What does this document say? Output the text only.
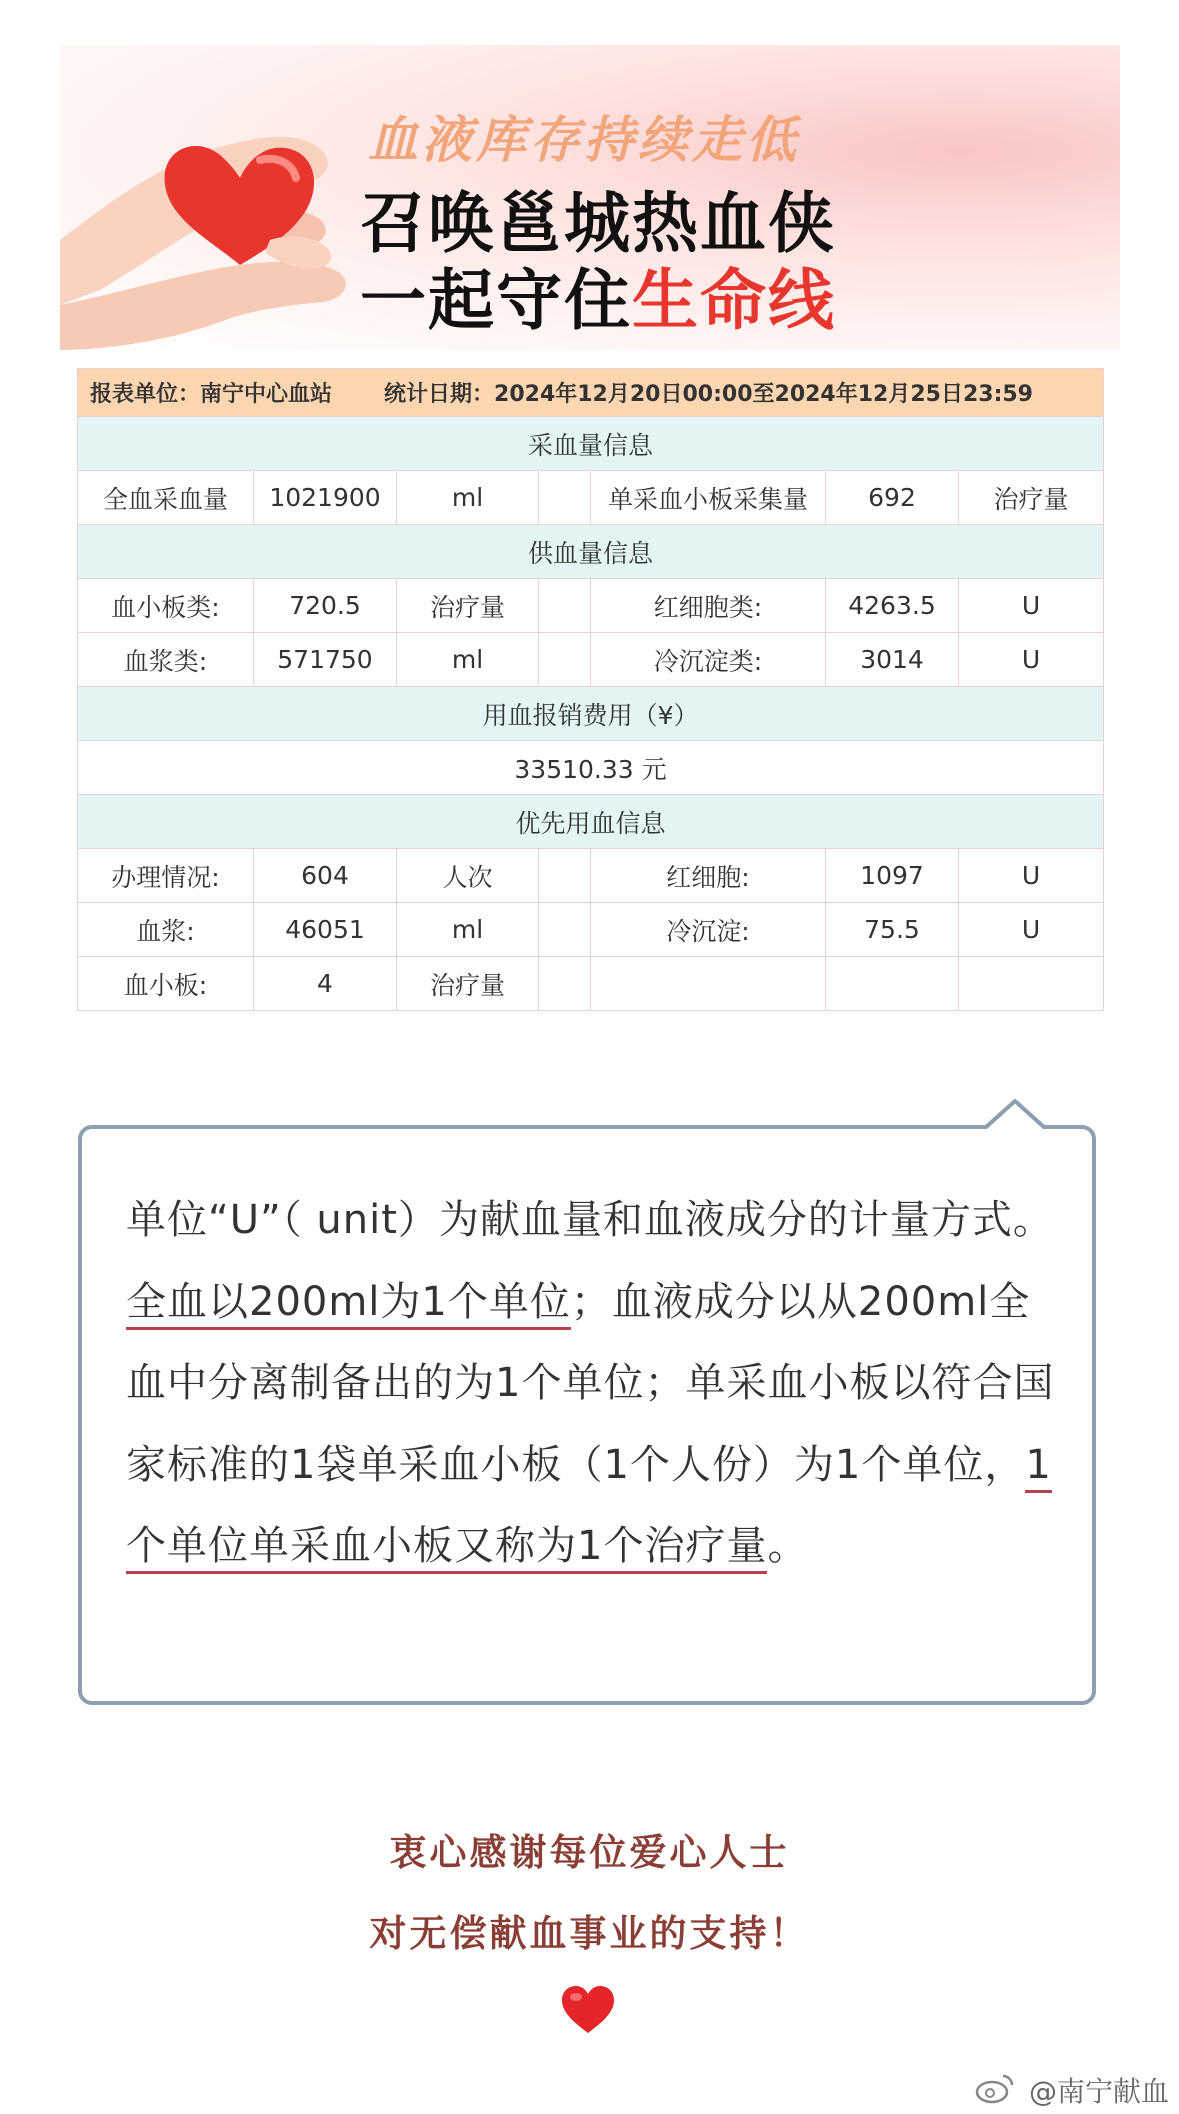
血液库存持续走低
召唤邕城热血侠
一起守住生命线
报表单位：南宁中心血站 统计日期：2024年12月20日00:00至2024年12月25日23:59						
采血量信息						
全血采血量	1021900	ml		单采血小板采集量	692	治疗量
供血量信息						
血小板类:	720.5	治疗量		红细胞类:	4263.5	U
血浆类:	571750	ml		冷沉淀类:	3014	U
用血报销费用（¥）						
33510.33 元						
优先用血信息						
办理情况:	604	人次		红细胞:	1097	U
血浆:	46051	ml		冷沉淀:	75.5	U
血小板:	4	治疗量				
单位“U”（ unit）为献血量和血液成分的计量方式。全血以200ml为1个单位；血液成分以从200ml全血中分离制备出的为1个单位；单采血小板以符合国家标准的1袋单采血小板（1个人份）为1个单位，1个单位单采血小板又称为1个治疗量。
衷心感谢每位爱心人士
对无偿献血事业的支持！
@南宁献血
